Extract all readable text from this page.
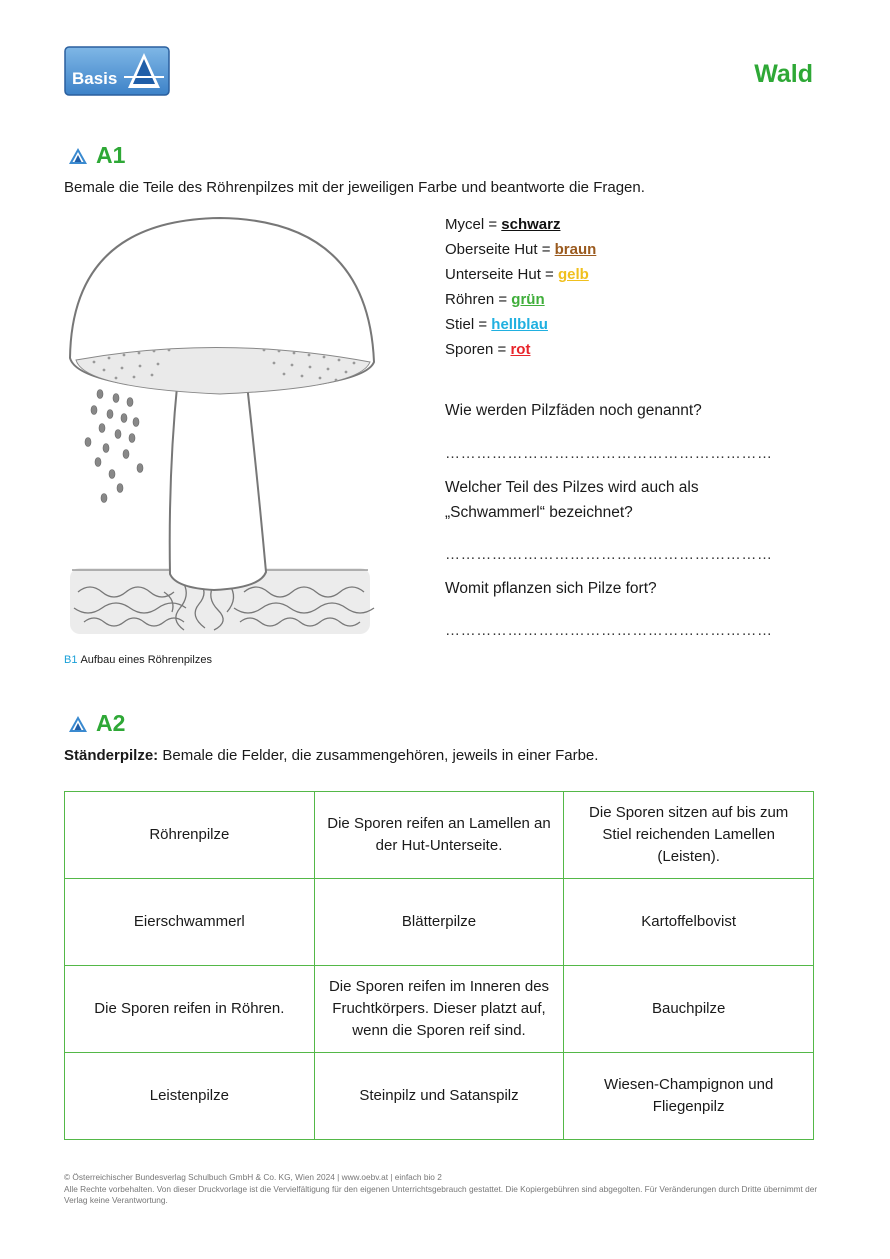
Basis	Wald
A1
Bemale die Teile des Röhrenpilzes mit der jeweiligen Farbe und beantworte die Fragen.
B1 Aufbau eines Röhrenpilzes
Mycel = schwarz
Oberseite Hut = braun
Unterseite Hut = gelb
Röhren = grün
Stiel = hellblau
Sporen = rot
Wie werden Pilzfäden noch genannt?
………………………………………………………
Welcher Teil des Pilzes wird auch als
„Schwammerl“ bezeichnet?
………………………………………………………
Womit pflanzen sich Pilze fort?
………………………………………………………
A2
Ständerpilze: Bemale die Felder, die zusammengehören, jeweils in einer Farbe.
Röhrenpilze	Die Sporen reifen an Lamellen an der Hut-Unterseite.	Die Sporen sitzen auf bis zum Stiel reichenden Lamellen (Leisten).
Eierschwammerl	Blätterpilze	Kartoffelbovist
Die Sporen reifen in Röhren.	Die Sporen reifen im Inneren des Fruchtkörpers. Dieser platzt auf, wenn die Sporen reif sind.	Bauchpilze
Leistenpilze	Steinpilz und Satanspilz	Wiesen-Champignon und Fliegenpilz
© Österreichischer Bundesverlag Schulbuch GmbH & Co. KG, Wien 2024 | www.oebv.at | einfach bio 2
Alle Rechte vorbehalten. Von dieser Druckvorlage ist die Vervielfältigung für den eigenen Unterrichtsgebrauch gestattet. Die Kopiergebühren sind abgegolten. Für Veränderungen durch Dritte übernimmt der Verlag keine Verantwortung.
